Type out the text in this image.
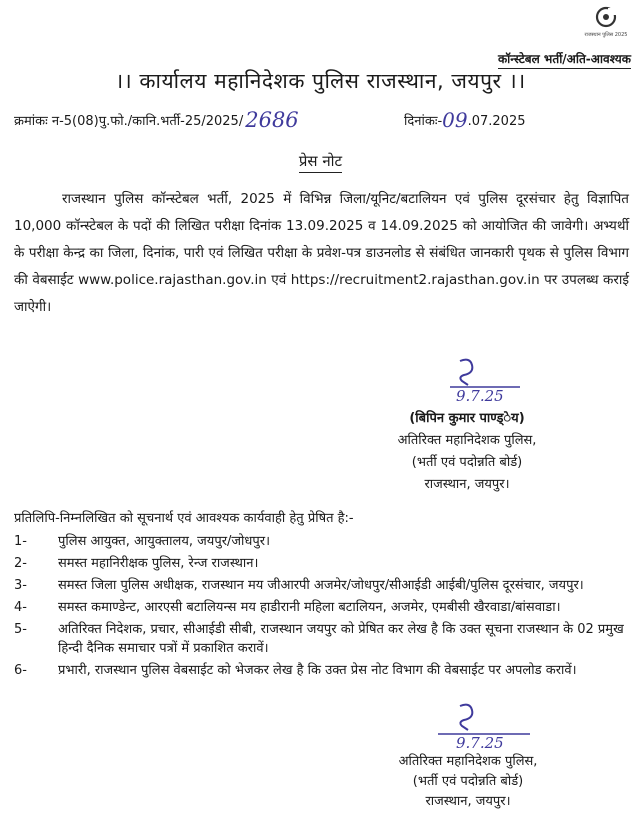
राजस्थान पुलिस 2025
कॉन्स्टेबल भर्ती/अति-आवश्यक
।। कार्यालय महानिदेशक पुलिस राजस्थान, जयपुर ।।
क्रमांकः न-5(08)पु.फो./कानि.भर्ती-25/2025/2686	दिनांकः-09.07.2025
प्रेस नोट
राजस्थान पुलिस कॉन्स्टेबल भर्ती, 2025 में विभिन्न जिला/यूनिट/बटालियन एवं पुलिस दूरसंचार हेतु विज्ञापित 10,000 कॉन्स्टेबल के पदों की लिखित परीक्षा दिनांक 13.09.2025 व 14.09.2025 को आयोजित की जावेगी। अभ्यर्थी के परीक्षा केन्द्र का जिला, दिनांक, पारी एवं लिखित परीक्षा के प्रवेश-पत्र डाउनलोड से संबंधित जानकारी पृथक से पुलिस विभाग की वेबसाईट www.police.rajasthan.gov.in एवं https://recruitment2.rajasthan.gov.in पर उपलब्ध कराई जाऐगी।
9.7.25
(बिपिन कुमार पाण्ड्ेय)
अतिरिक्त महानिदेशक पुलिस,
(भर्ती एवं पदोन्नति बोर्ड)
राजस्थान, जयपुर।
प्रतिलिपि-निम्नलिखित को सूचनार्थ एवं आवश्यक कार्यवाही हेतु प्रेषित है:-
1- पुलिस आयुक्त, आयुक्तालय, जयपुर/जोधपुर।
2- समस्त महानिरीक्षक पुलिस, रेन्ज राजस्थान।
3- समस्त जिला पुलिस अधीक्षक, राजस्थान मय जीआरपी अजमेर/जोधपुर/सीआईडी आईबी/पुलिस दूरसंचार, जयपुर।
4- समस्त कमाण्डेन्ट, आरएसी बटालियन्स मय हाडीरानी महिला बटालियन, अजमेर, एमबीसी खैरवाडा/बांसवाडा।
5- अतिरिक्त निदेशक, प्रचार, सीआईडी सीबी, राजस्थान जयपुर को प्रेषित कर लेख है कि उक्त सूचना राजस्थान के 02 प्रमुख हिन्दी दैनिक समाचार पत्रों में प्रकाशित करावें।
6- प्रभारी, राजस्थान पुलिस वेबसाईट को भेजकर लेख है कि उक्त प्रेस नोट विभाग की वेबसाईट पर अपलोड करावें।
9.7.25
अतिरिक्त महानिदेशक पुलिस,
(भर्ती एवं पदोन्नति बोर्ड)
राजस्थान, जयपुर।
